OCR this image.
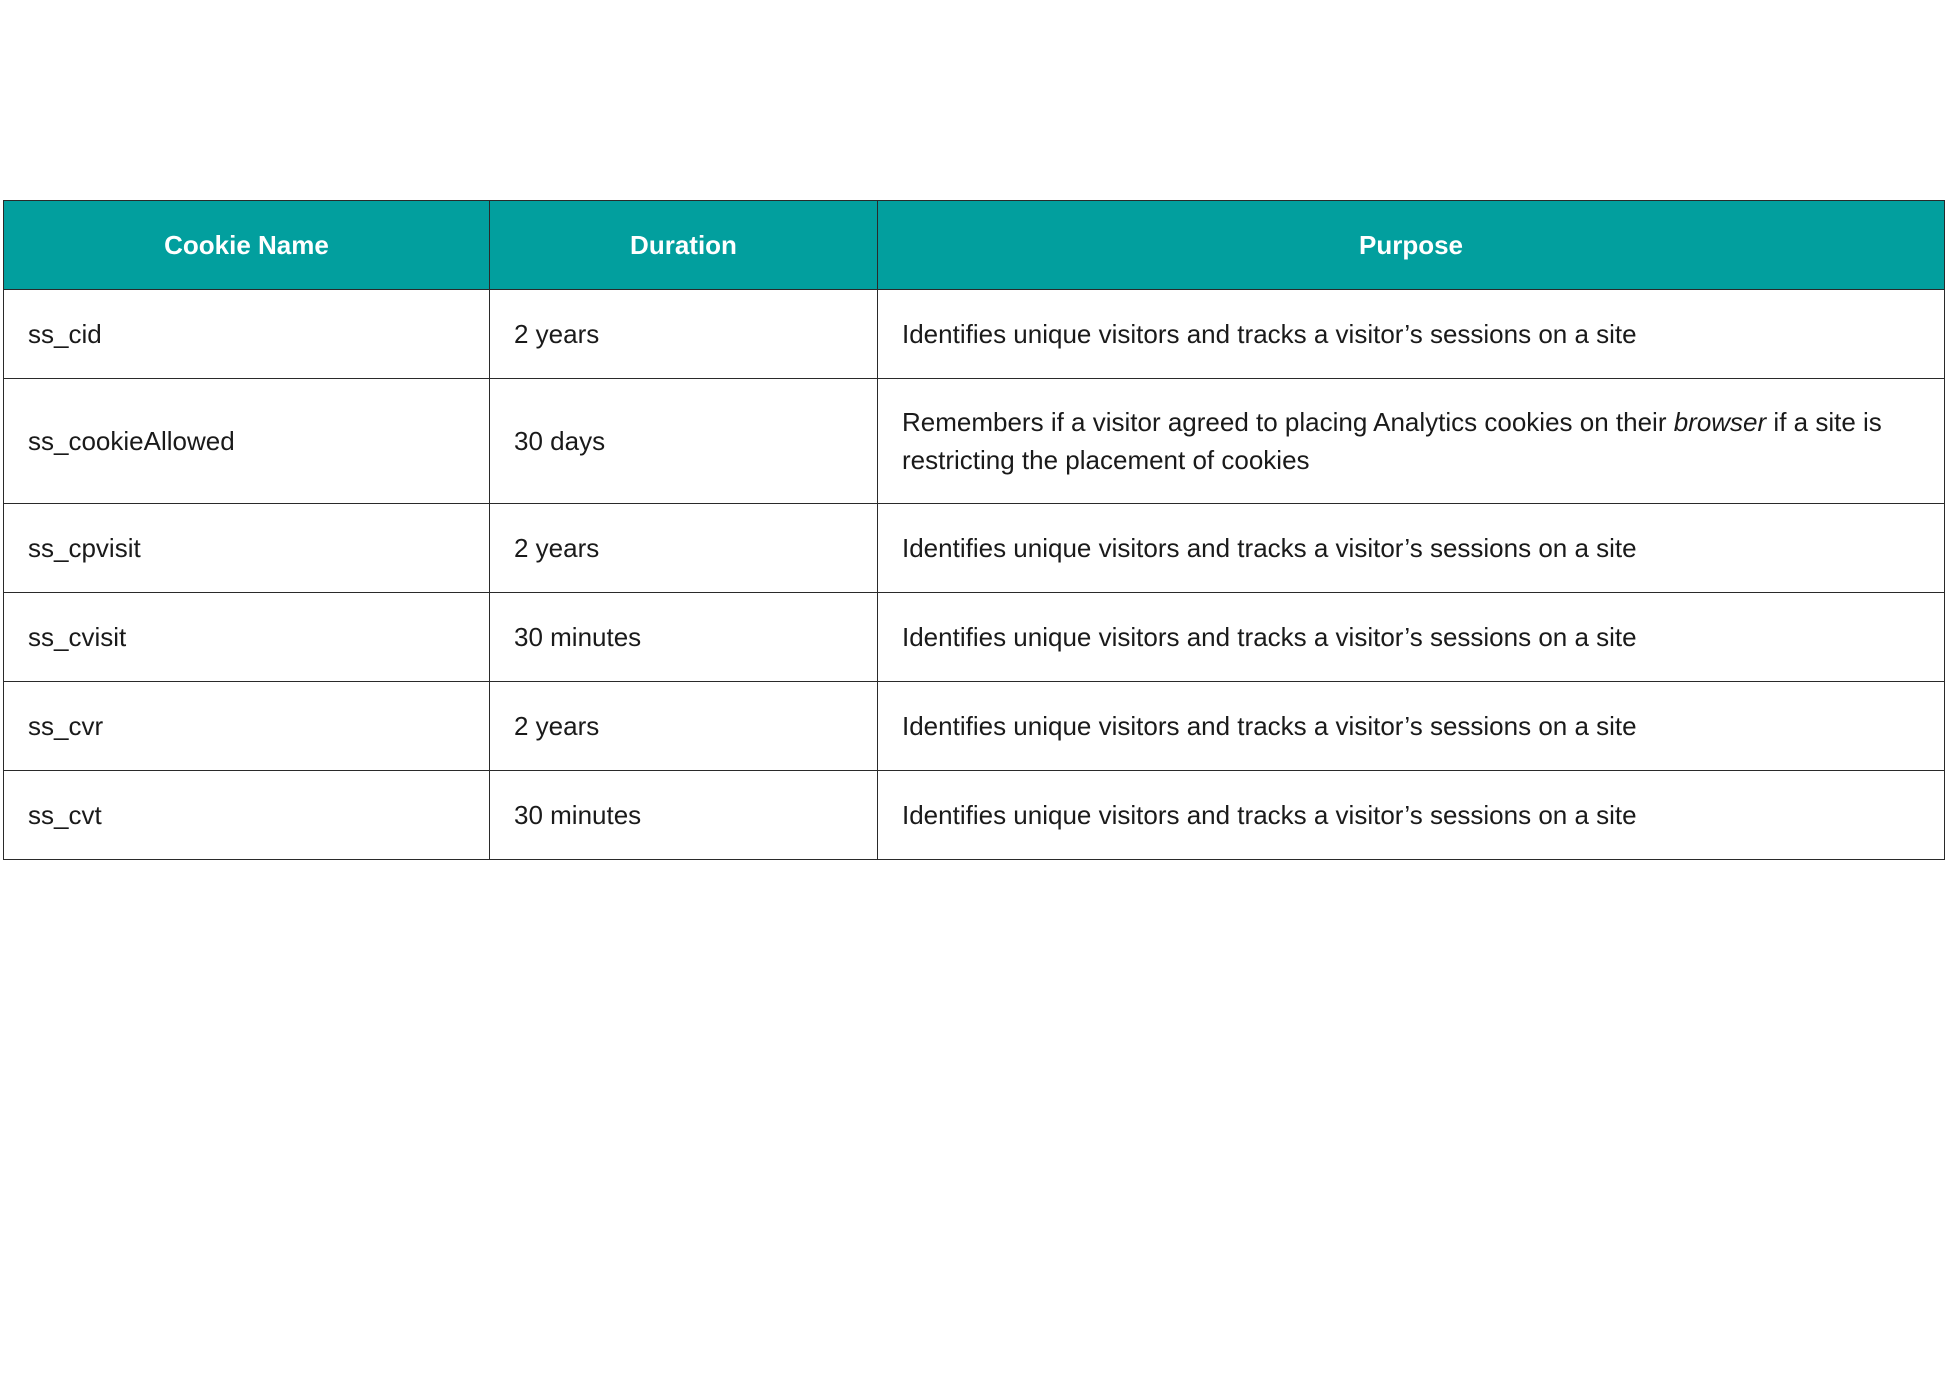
Cookie Name	Duration	Purpose
ss_cid	2 years	Identifies unique visitors and tracks a visitor’s sessions on a site
ss_cookieAllowed	30 days	Remembers if a visitor agreed to placing Analytics cookies on their browser if a site is restricting the placement of cookies
ss_cpvisit	2 years	Identifies unique visitors and tracks a visitor’s sessions on a site
ss_cvisit	30 minutes	Identifies unique visitors and tracks a visitor’s sessions on a site
ss_cvr	2 years	Identifies unique visitors and tracks a visitor’s sessions on a site
ss_cvt	30 minutes	Identifies unique visitors and tracks a visitor’s sessions on a site
